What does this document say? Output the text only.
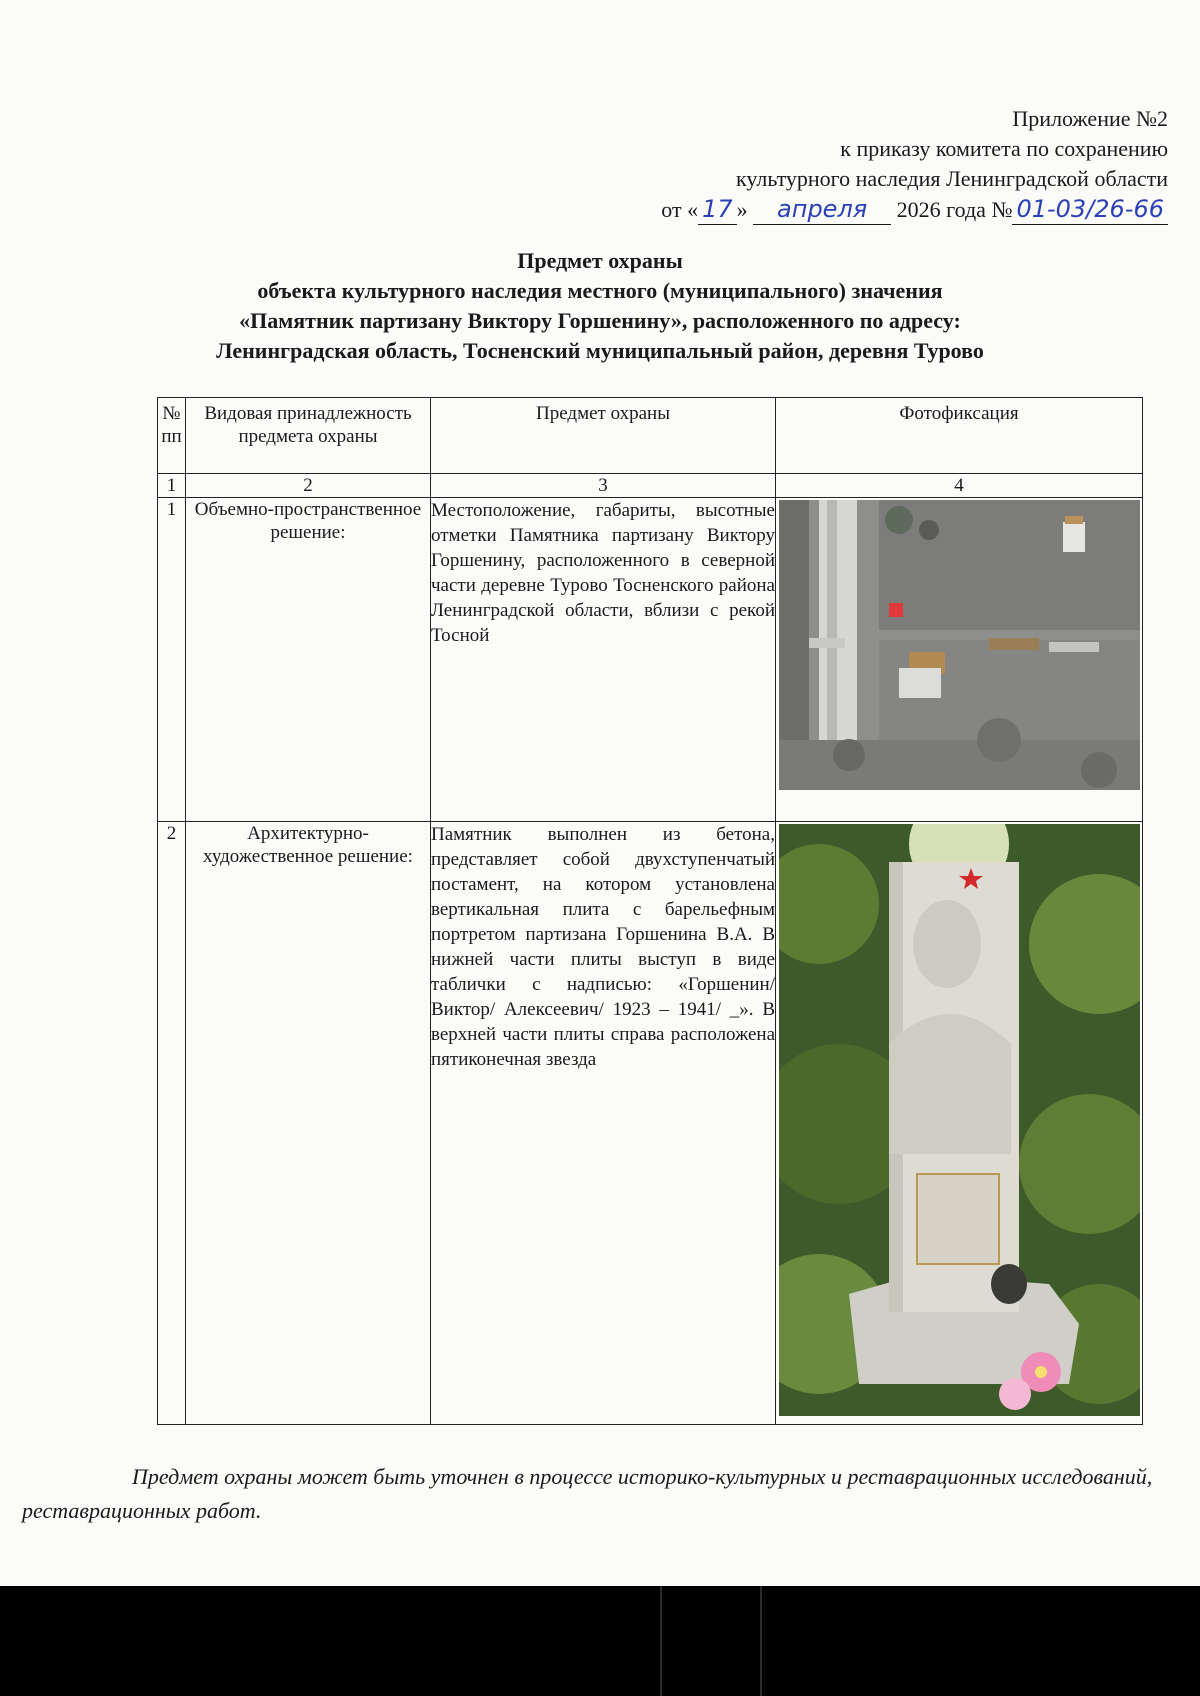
Приложение №2
к приказу комитета по сохранению
культурного наследия Ленинградской области
от « 17 » апреля 2026 года № 01-03/26-66
Предмет охраны
объекта культурного наследия местного (муниципального) значения
«Памятник партизану Виктору Горшенину», расположенного по адресу:
Ленинградская область, Тосненский муниципальный район, деревня Турово
№ пп	Видовая принадлежность предмета охраны	Предмет охраны	Фотофиксация
1	2	3	4
1	Объемно-пространственное решение:	Местоположение, габариты, высотные отметки Памятника партизану Виктору Горшенину, расположенного в северной части деревне Турово Тосненского района Ленинградской области, вблизи с рекой Тосной	
2	Архитектурно-художественное решение:	Памятник выполнен из бетона, представляет собой двухступенчатый постамент, на котором установлена вертикальная плита с барельефным портретом партизана Горшенина В.А. В нижней части плиты выступ в виде таблички с надписью: «Горшенин/ Виктор/ Алексеевич/ 1923 – 1941/ _». В верхней части плиты справа расположена пятиконечная звезда	

Предмет охраны может быть уточнен в процессе историко-культурных и реставрационных исследований, реставрационных работ.
